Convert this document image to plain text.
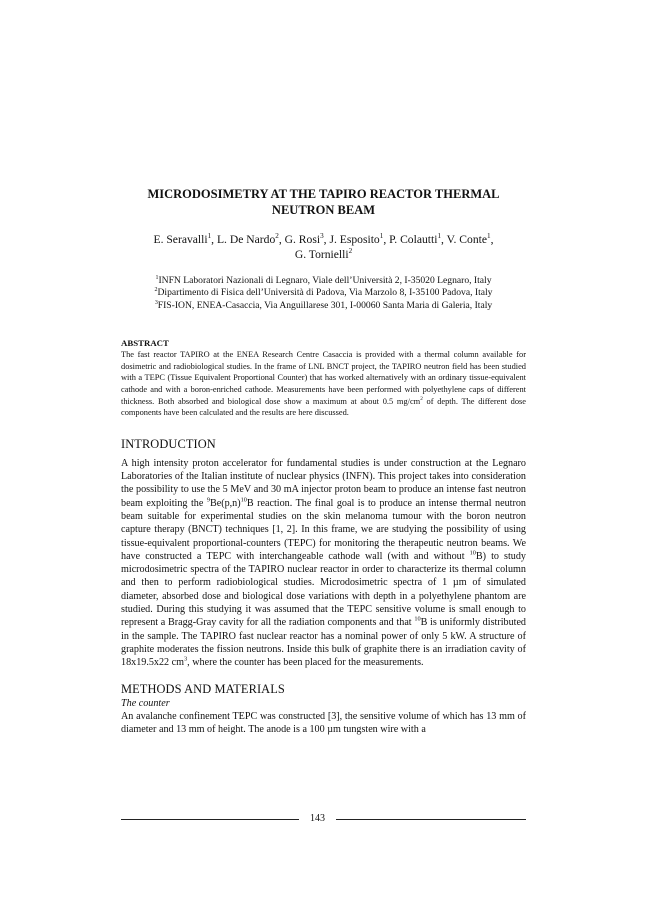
MICRODOSIMETRY AT THE TAPIRO REACTOR THERMAL
NEUTRON BEAM
E. Seravalli$^1$, L. De Nardo$^2$, G. Rosi$^3$, J. Esposito$^1$, P. Colautti$^1$, V. Conte$^1$,
G. Tornielli$^2$
$^1$INFN Laboratori Nazionali di Legnaro, Viale dell’Università 2, I-35020 Legnaro, Italy
$^2$Dipartimento di Fisica dell’Università di Padova, Via Marzolo 8, I-35100 Padova, Italy
$^3$FIS-ION, ENEA-Casaccia, Via Anguillarese 301, I-00060 Santa Maria di Galeria, Italy
ABSTRACT
The fast reactor TAPIRO at the ENEA Research Centre Casaccia is provided with a thermal column available for dosimetric and radiobiological studies. In the frame of LNL BNCT project, the TAPIRO neutron field has been studied with a TEPC (Tissue Equivalent Proportional Counter) that has worked alternatively with an ordinary tissue-equivalent cathode and with a boron-enriched cathode. Measurements have been performed with polyethylene caps of different thickness. Both absorbed and biological dose show a maximum at about 0.5 $mg/cm^2$ of depth. The different dose components have been calculated and the results are here discussed.
INTRODUCTION
A high intensity proton accelerator for fundamental studies is under construction at the Legnaro Laboratories of the Italian institute of nuclear physics (INFN). This project takes into consideration the possibility to use the 5 MeV and 30 mA injector proton beam to produce an intense fast neutron beam exploiting the $^9Be(p,n)^{10}B$ reaction. The final goal is to produce an intense thermal neutron beam suitable for experimental studies on the skin melanoma tumour with the boron neutron capture therapy (BNCT) techniques [1, 2]. In this frame, we are studying the possibility of using tissue-equivalent proportional-counters (TEPC) for monitoring the therapeutic neutron beams. We have constructed a TEPC with interchangeable cathode wall (with and without $^{10}$B) to study microdosimetric spectra of the TAPIRO nuclear reactor in order to characterize its thermal column and then to perform radiobiological studies. Microdosimetric spectra of 1 µm of simulated diameter, absorbed dose and biological dose variations with depth in a polyethylene phantom are studied. During this studying it was assumed that the TEPC sensitive volume is small enough to represent a Bragg-Gray cavity for all the radiation components and that $^{10}$B is uniformly distributed in the sample. The TAPIRO fast nuclear reactor has a nominal power of only 5 kW. A structure of graphite moderates the fission neutrons. Inside this bulk of graphite there is an irradiation cavity of 18x19.5x22 $cm^3$, where the counter has been placed for the measurements.
METHODS AND MATERIALS
The counter
An avalanche confinement TEPC was constructed [3], the sensitive volume of which has 13 mm of diameter and 13 mm of height. The anode is a 100 µm tungsten wire with a
143
